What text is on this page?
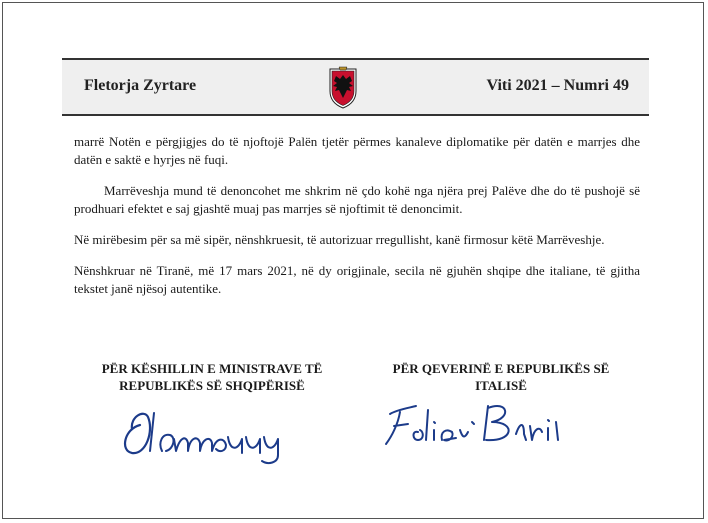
Fletorja Zyrtare	Viti 2021 – Numri 49

marrë Notën e përgjigjes do të njoftojë Palën tjetër përmes kanaleve diplomatike për datën e marrjes dhe datën e saktë e hyrjes në fuqi.

Marrëveshja mund të denoncohet me shkrim në çdo kohë nga njëra prej Palëve dhe do të pushojë së prodhuari efektet e saj gjashtë muaj pas marrjes së njoftimit të denoncimit.

Në mirëbesim për sa më sipër, nënshkruesit, të autorizuar rregullisht, kanë firmosur këtë Marrëveshje.

Nënshkruar në Tiranë, më 17 mars 2021, në dy origjinale, secila në gjuhën shqipe dhe italiane, të gjitha tekstet janë njësoj autentike.

PËR KËSHILLIN E MINISTRAVE TË
REPUBLIKËS SË SHQIPËRISË
PËR QEVERINË E REPUBLIKËS SË
ITALISË
